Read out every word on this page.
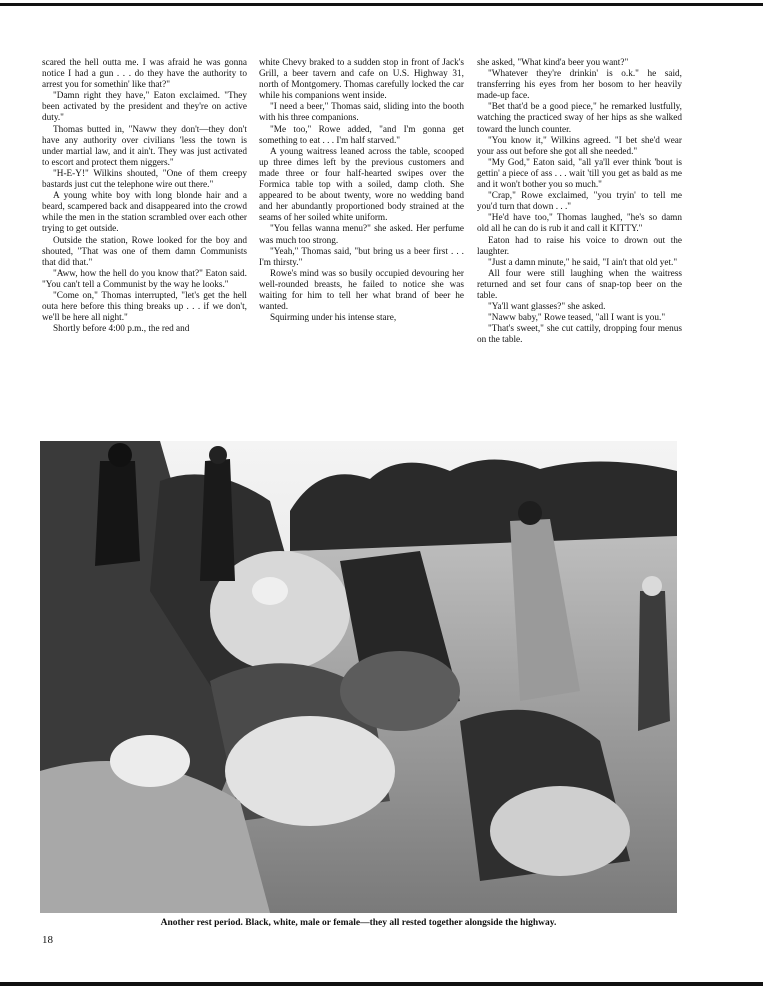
scared the hell outta me. I was afraid he was gonna notice I had a gun . . . do they have the authority to arrest you for somethin' like that?"

"Damn right they have," Eaton exclaimed. "They been activated by the president and they're on active duty."

Thomas butted in, "Naww they don't—they don't have any authority over civilians 'less the town is under martial law, and it ain't. They was just activated to escort and protect them niggers."

"H-E-Y!" Wilkins shouted, "One of them creepy bastards just cut the telephone wire out there."

A young white boy with long blonde hair and a beard, scampered back and disappeared into the crowd while the men in the station scrambled over each other trying to get outside.

Outside the station, Rowe looked for the boy and shouted, "That was one of them damn Communists that did that."

"Aww, how the hell do you know that?" Eaton said. "You can't tell a Communist by the way he looks."

"Come on," Thomas interrupted, "let's get the hell outa here before this thing breaks up . . . if we don't, we'll be here all night."

Shortly before 4:00 p.m., the red and

white Chevy braked to a sudden stop in front of Jack's Grill, a beer tavern and cafe on U.S. Highway 31, north of Montgomery. Thomas carefully locked the car while his companions went inside.

"I need a beer," Thomas said, sliding into the booth with his three companions.

"Me too," Rowe added, "and I'm gonna get something to eat . . . I'm half starved."

A young waitress leaned across the table, scooped up three dimes left by the previous customers and made three or four half-hearted swipes over the Formica table top with a soiled, damp cloth. She appeared to be about twenty, wore no wedding band and her abundantly proportioned body strained at the seams of her soiled white uniform.

"You fellas wanna menu?" she asked. Her perfume was much too strong.

"Yeah," Thomas said, "but bring us a beer first . . . I'm thirsty."

Rowe's mind was so busily occupied devouring her well-rounded breasts, he failed to notice she was waiting for him to tell her what brand of beer he wanted.

Squirming under his intense stare,

she asked, "What kind'a beer you want?"

"Whatever they're drinkin' is o.k." he said, transferring his eyes from her bosom to her heavily made-up face.

"Bet that'd be a good piece," he remarked lustfully, watching the practiced sway of her hips as she walked toward the lunch counter.

"You know it," Wilkins agreed. "I bet she'd wear your ass out before she got all she needed."

"My God," Eaton said, "all ya'll ever think 'bout is gettin' a piece of ass . . . wait 'till you get as bald as me and it won't bother you so much."

"Crap," Rowe exclaimed, "you tryin' to tell me you'd turn that down . . ."

"He'd have too," Thomas laughed, "he's so damn old all he can do is rub it and call it KITTY."

Eaton had to raise his voice to drown out the laughter.

"Just a damn minute," he said, "I ain't that old yet."

All four were still laughing when the waitress returned and set four cans of snap-top beer on the table.

"Ya'll want glasses?" she asked.

"Naww baby," Rowe teased, "all I want is you."

"That's sweet," she cut cattily, dropping four menus on the table.

Another rest period. Black, white, male or female—they all rested together alongside the highway.
18
